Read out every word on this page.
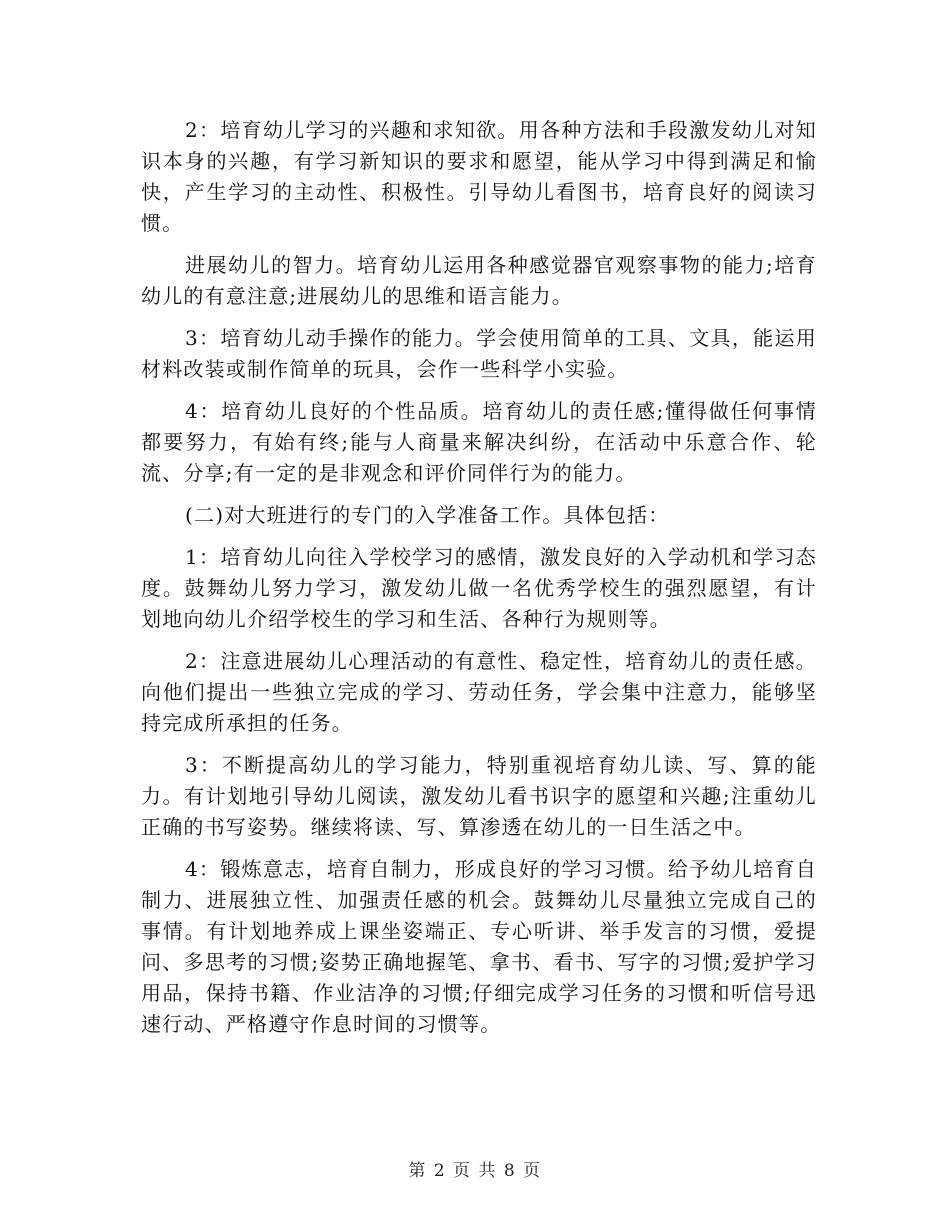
2：培育幼儿学习的兴趣和求知欲。用各种方法和手段激发幼儿对知识本身的兴趣，有学习新知识的要求和愿望，能从学习中得到满足和愉快，产生学习的主动性、积极性。引导幼儿看图书，培育良好的阅读习惯。

进展幼儿的智力。培育幼儿运用各种感觉器官观察事物的能力;培育幼儿的有意注意;进展幼儿的思维和语言能力。

3：培育幼儿动手操作的能力。学会使用简单的工具、文具，能运用材料改装或制作简单的玩具，会作一些科学小实验。

4：培育幼儿良好的个性品质。培育幼儿的责任感;懂得做任何事情都要努力，有始有终;能与人商量来解决纠纷，在活动中乐意合作、轮流、分享;有一定的是非观念和评价同伴行为的能力。

(二)对大班进行的专门的入学准备工作。具体包括：

1：培育幼儿向往入学校学习的感情，激发良好的入学动机和学习态度。鼓舞幼儿努力学习，激发幼儿做一名优秀学校生的强烈愿望，有计划地向幼儿介绍学校生的学习和生活、各种行为规则等。

2：注意进展幼儿心理活动的有意性、稳定性，培育幼儿的责任感。向他们提出一些独立完成的学习、劳动任务，学会集中注意力，能够坚持完成所承担的任务。

3：不断提高幼儿的学习能力，特别重视培育幼儿读、写、算的能力。有计划地引导幼儿阅读，激发幼儿看书识字的愿望和兴趣;注重幼儿正确的书写姿势。继续将读、写、算渗透在幼儿的一日生活之中。

4：锻炼意志，培育自制力，形成良好的学习习惯。给予幼儿培育自制力、进展独立性、加强责任感的机会。鼓舞幼儿尽量独立完成自己的事情。有计划地养成上课坐姿端正、专心听讲、举手发言的习惯，爱提问、多思考的习惯;姿势正确地握笔、拿书、看书、写字的习惯;爱护学习用品，保持书籍、作业洁净的习惯;仔细完成学习任务的习惯和听信号迅速行动、严格遵守作息时间的习惯等。

第 2 页 共 8 页
